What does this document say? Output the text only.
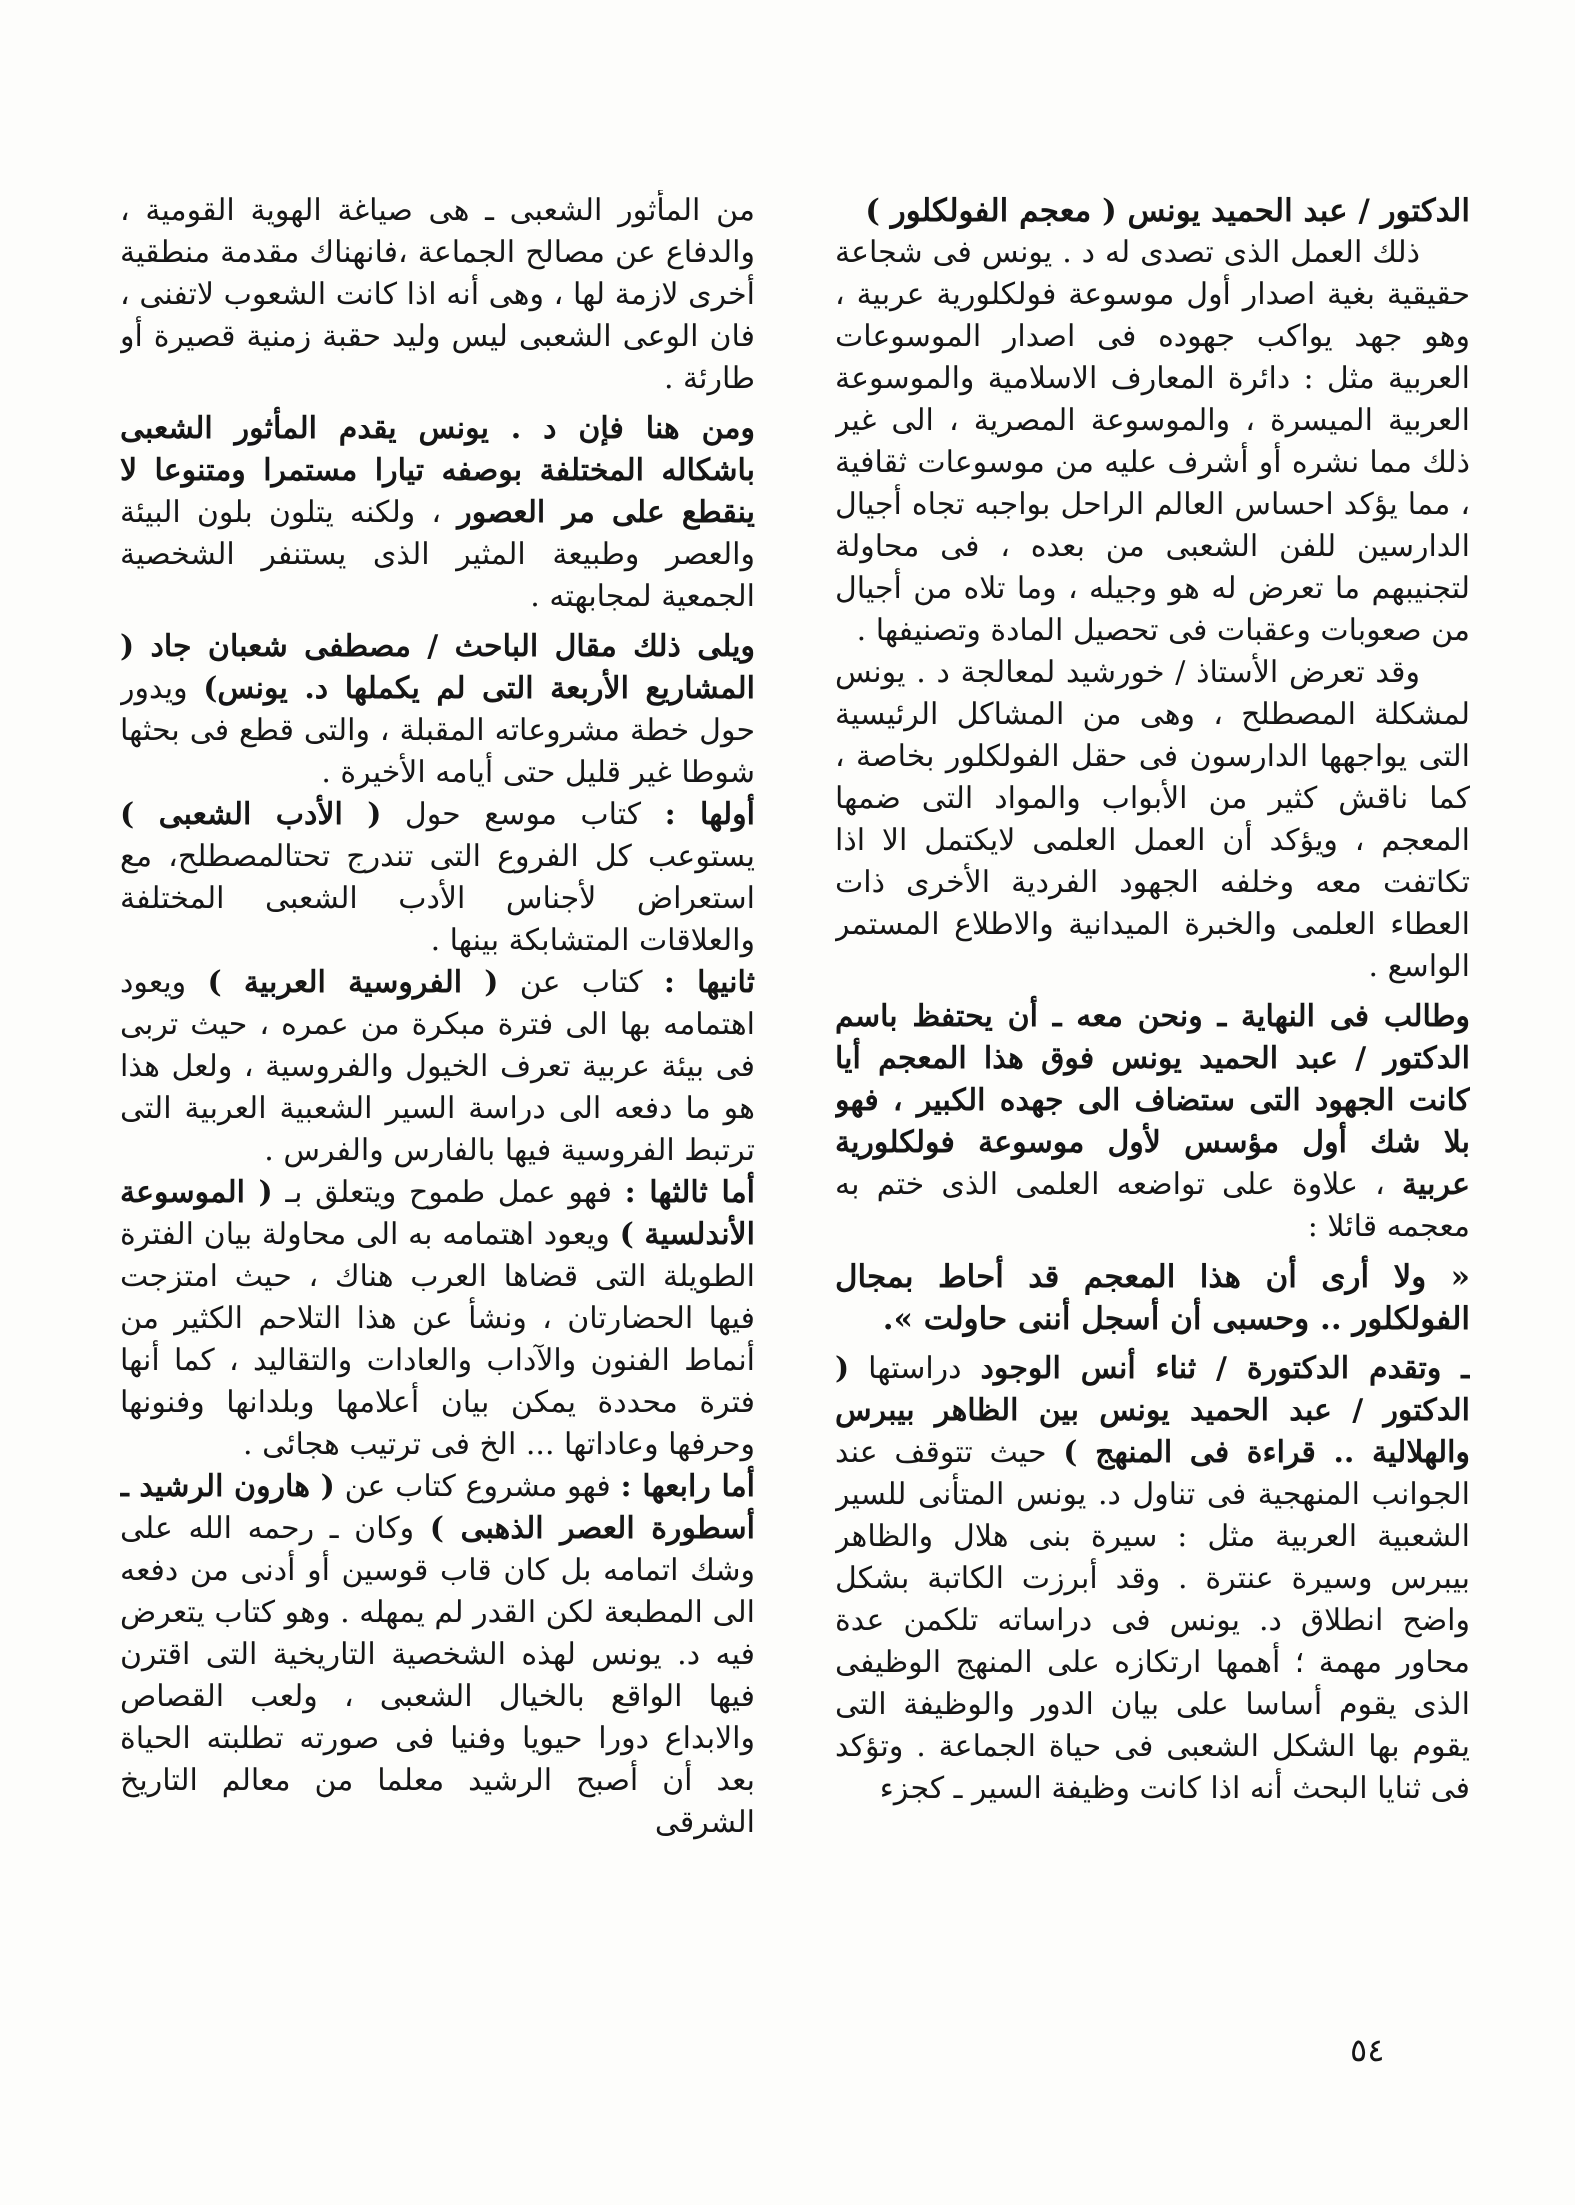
الدكتور / عبد الحميد يونس ( معجم الفولكلور )

ذلك العمل الذى تصدى له د . يونس فى شجاعة حقيقية بغية اصدار أول موسوعة فولكلورية عربية ، وهو جهد يواكب جهوده فى اصدار الموسوعات العربية مثل : دائرة المعارف الاسلامية والموسوعة العربية الميسرة ، والموسوعة المصرية ، الى غير ذلك مما نشره أو أشرف عليه من موسوعات ثقافية ، مما يؤكد احساس العالم الراحل بواجبه تجاه أجيال الدارسين للفن الشعبى من بعده ، فى محاولة لتجنيبهم ما تعرض له هو وجيله ، وما تلاه من أجيال من صعوبات وعقبات فى تحصيل المادة وتصنيفها .

وقد تعرض الأستاذ / خورشيد لمعالجة د . يونس لمشكلة المصطلح ، وهى من المشاكل الرئيسية التى يواجهها الدارسون فى حقل الفولكلور بخاصة ، كما ناقش كثير من الأبواب والمواد التى ضمها المعجم ، ويؤكد أن العمل العلمى لايكتمل الا اذا تكاتفت معه وخلفه الجهود الفردية الأخرى ذات العطاء العلمى والخبرة الميدانية والاطلاع المستمر الواسع .

وطالب فى النهاية ـ ونحن معه ـ أن يحتفظ باسم الدكتور / عبد الحميد يونس فوق هذا المعجم أيا كانت الجهود التى ستضاف الى جهده الكبير ، فهو بلا شك أول مؤسس لأول موسوعة فولكلورية عربية ، علاوة على تواضعه العلمى الذى ختم به معجمه قائلا :

« ولا أرى أن هذا المعجم قد أحاط بمجال الفولكلور .. وحسبى أن أسجل أننى حاولت ».

ـ وتقدم الدكتورة / ثناء أنس الوجود دراستها ( الدكتور / عبد الحميد يونس بين الظاهر بيبرس والهلالية .. قراءة فى المنهج ) حيث تتوقف عند الجوانب المنهجية فى تناول د. يونس المتأنى للسير الشعبية العربية مثل : سيرة بنى هلال والظاهر بيبرس وسيرة عنترة . وقد أبرزت الكاتبة بشكل واضح انطلاق د. يونس فى دراساته تلكمن عدة محاور مهمة ؛ أهمها ارتكازه على المنهج الوظيفى الذى يقوم أساسا على بيان الدور والوظيفة التى يقوم بها الشكل الشعبى فى حياة الجماعة . وتؤكد فى ثنايا البحث أنه اذا كانت وظيفة السير ـ كجزء

من المأثور الشعبى ـ هى صياغة الهوية القومية ، والدفاع عن مصالح الجماعة ،فانهناك مقدمة منطقية أخرى لازمة لها ، وهى أنه اذا كانت الشعوب لاتفنى ، فان الوعى الشعبى ليس وليد حقبة زمنية قصيرة أو طارئة .

ومن هنا فإن د . يونس يقدم المأثور الشعبى باشكاله المختلفة بوصفه تيارا مستمرا ومتنوعا لا ينقطع على مر العصور ، ولكنه يتلون بلون البيئة والعصر وطبيعة المثير الذى يستنفر الشخصية الجمعية لمجابهته .

ويلى ذلك مقال الباحث / مصطفى شعبان جاد ( المشاريع الأربعة التى لم يكملها د. يونس) ويدور حول خطة مشروعاته المقبلة ، والتى قطع فى بحثها شوطا غير قليل حتى أيامه الأخيرة .

أولها : كتاب موسع حول ( الأدب الشعبى ) يستوعب كل الفروع التى تندرج تحتالمصطلح، مع استعراض لأجناس الأدب الشعبى المختلفة والعلاقات المتشابكة بينها .

ثانيها : كتاب عن ( الفروسية العربية ) ويعود اهتمامه بها الى فترة مبكرة من عمره ، حيث تربى فى بيئة عربية تعرف الخيول والفروسية ، ولعل هذا هو ما دفعه الى دراسة السير الشعبية العربية التى ترتبط الفروسية فيها بالفارس والفرس .

أما ثالثها : فهو عمل طموح ويتعلق بـ ( الموسوعة الأندلسية ) ويعود اهتمامه به الى محاولة بيان الفترة الطويلة التى قضاها العرب هناك ، حيث امتزجت فيها الحضارتان ، ونشأ عن هذا التلاحم الكثير من أنماط الفنون والآداب والعادات والتقاليد ، كما أنها فترة محددة يمكن بيان أعلامها وبلدانها وفنونها وحرفها وعاداتها ... الخ فى ترتيب هجائى .

أما رابعها : فهو مشروع كتاب عن ( هارون الرشيد ـ أسطورة العصر الذهبى ) وكان ـ رحمه الله على وشك اتمامه بل كان قاب قوسين أو أدنى من دفعه الى المطبعة لكن القدر لم يمهله . وهو كتاب يتعرض فيه د. يونس لهذه الشخصية التاريخية التى اقترن فيها الواقع بالخيال الشعبى ، ولعب القصاص والابداع دورا حيويا وفنيا فى صورته تطلبته الحياة بعد أن أصبح الرشيد معلما من معالم التاريخ الشرقى

٥٤
